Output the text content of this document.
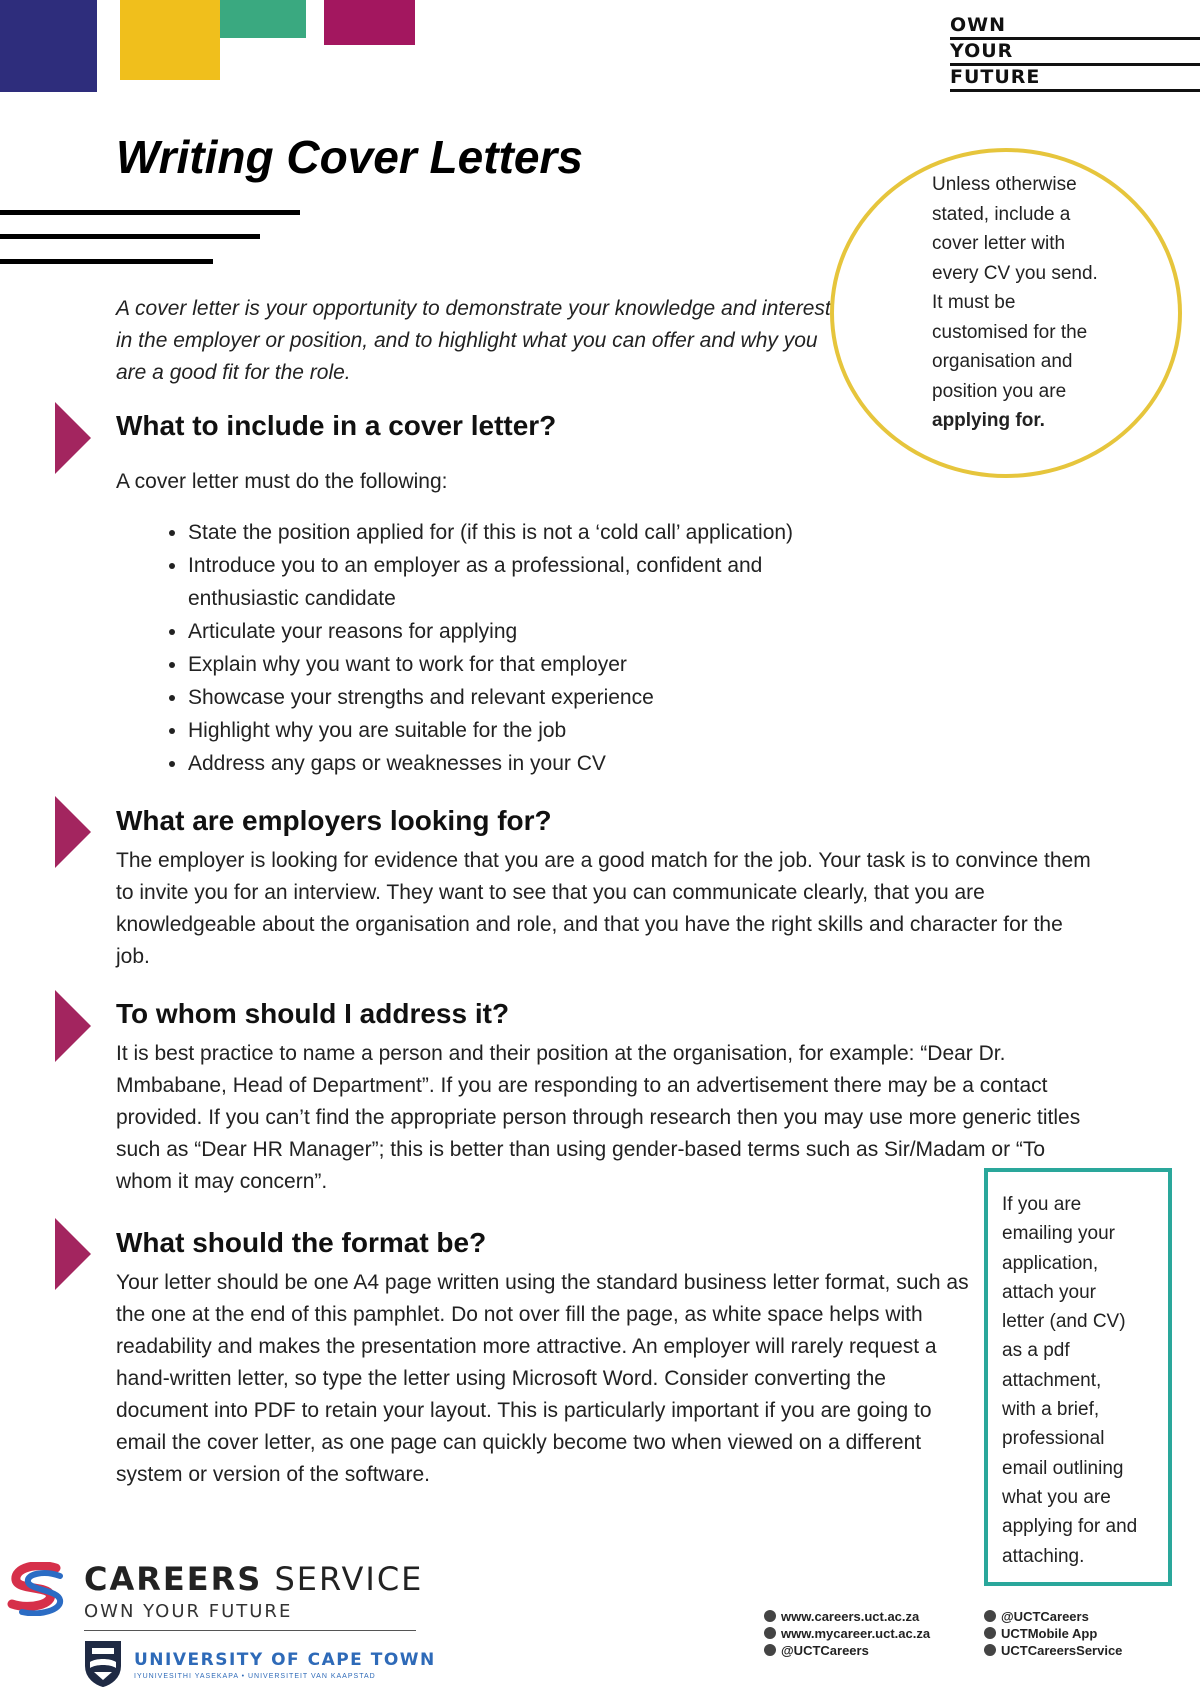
OWN
YOUR
FUTURE
Writing Cover Letters
A cover letter is your opportunity to demonstrate your knowledge and interest in the employer or position, and to highlight what you can offer and why you are a good fit for the role.
Unless otherwise
stated, include a
cover letter with
every CV you send.
It must be
customised for the
organisation and
position you are
applying for.
What to include in a cover letter?
A cover letter must do the following:
• State the position applied for (if this is not a ‘cold call’ application)
• Introduce you to an employer as a professional, confident and enthusiastic candidate
• Articulate your reasons for applying
• Explain why you want to work for that employer
• Showcase your strengths and relevant experience
• Highlight why you are suitable for the job
• Address any gaps or weaknesses in your CV
What are employers looking for?
The employer is looking for evidence that you are a good match for the job. Your task is to convince them to invite you for an interview. They want to see that you can communicate clearly, that you are knowledgeable about the organisation and role, and that you have the right skills and character for the job.
To whom should I address it?
It is best practice to name a person and their position at the organisation, for example: “Dear Dr. Mmbabane, Head of Department”. If you are responding to an advertisement there may be a contact provided. If you can’t find the appropriate person through research then you may use more generic titles such as “Dear HR Manager”; this is better than using gender-based terms such as Sir/Madam or “To whom it may concern”.
What should the format be?
Your letter should be one A4 page written using the standard business letter format, such as the one at the end of this pamphlet. Do not over fill the page, as white space helps with readability and makes the presentation more attractive. An employer will rarely request a hand-written letter, so type the letter using Microsoft Word. Consider converting the document into PDF to retain your layout. This is particularly important if you are going to email the cover letter, as one page can quickly become two when viewed on a different system or version of the software.
If you are
emailing your
application,
attach your
letter (and CV)
as a pdf
attachment,
with a brief,
professional
email outlining
what you are
applying for and
attaching.
CAREERS SERVICE
OWN YOUR FUTURE
UNIVERSITY OF CAPE TOWN
IYUNIVESITHI YASEKAPA • UNIVERSITEIT VAN KAAPSTAD
www.careers.uct.ac.za
www.mycareer.uct.ac.za
@UCTCareers
@UCTCareers
UCTMobile App
UCTCareersService
